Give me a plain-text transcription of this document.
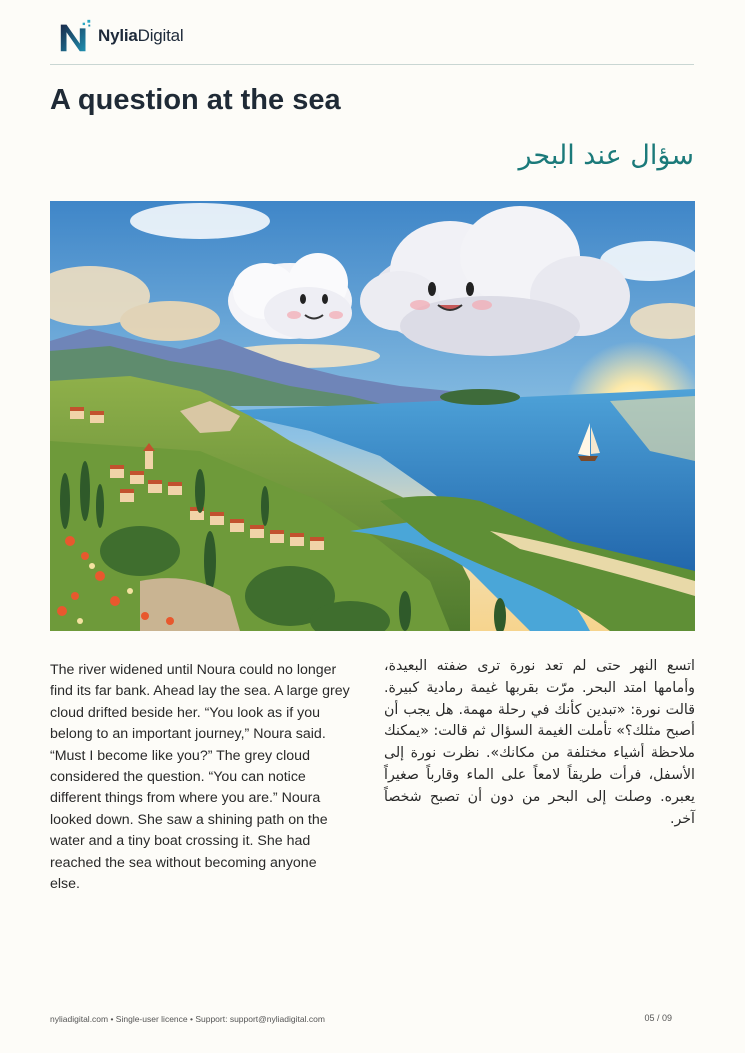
NyliaDigital
A question at the sea
سؤال عند البحر

The river widened until Noura could no longer find its far bank. Ahead lay the sea. A large grey cloud drifted beside her. “You look as if you belong to an important journey,” Noura said. “Must I become like you?” The grey cloud considered the question. “You can notice different things from where you are.” Noura looked down. She saw a shining path on the water and a tiny boat crossing it. She had reached the sea without becoming anyone else.

اتسع النهر حتى لم تعد نورة ترى ضفته البعيدة، وأمامها امتد البحر. مرّت بقربها غيمة رمادية كبيرة. قالت نورة: «تبدين كأنك في رحلة مهمة. هل يجب أن أصبح مثلك؟» تأملت الغيمة السؤال ثم قالت: «يمكنك ملاحظة أشياء مختلفة من مكانك». نظرت نورة إلى الأسفل، فرأت طريقاً لامعاً على الماء وقارباً صغيراً يعبره. وصلت إلى البحر من دون أن تصبح شخصاً آخر.

nyliadigital.com • Single-user licence • Support: support@nyliadigital.com	05 / 09
